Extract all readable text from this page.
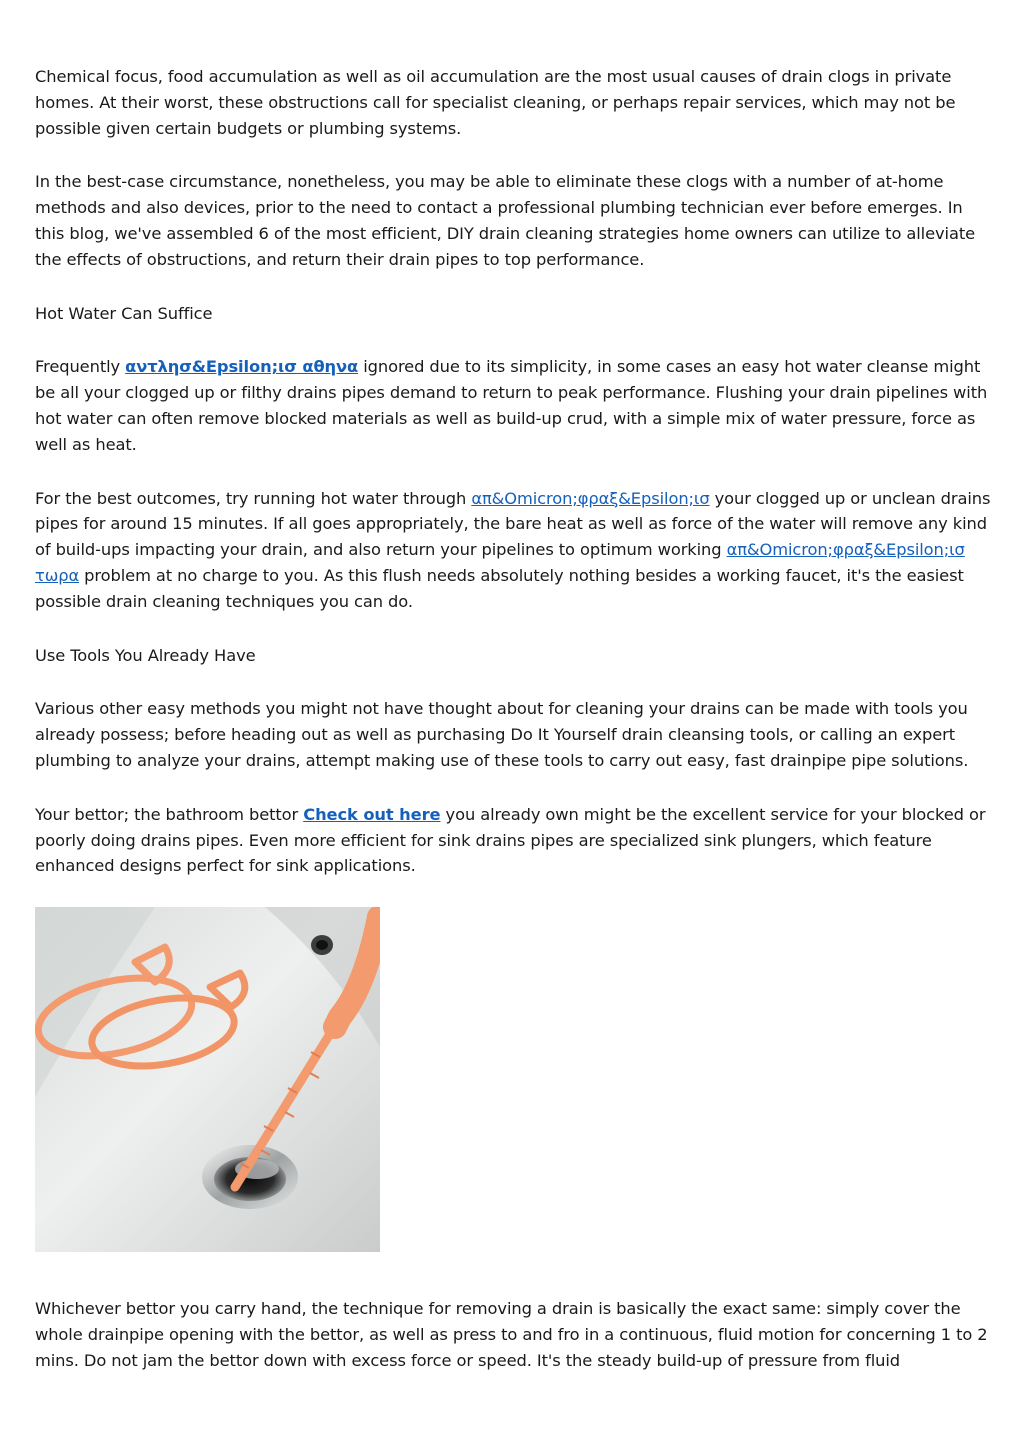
Chemical focus, food accumulation as well as oil accumulation are the most usual causes of drain clogs in private homes. At their worst, these obstructions call for specialist cleaning, or perhaps repair services, which may not be possible given certain budgets or plumbing systems.

In the best-case circumstance, nonetheless, you may be able to eliminate these clogs with a number of at-home methods and also devices, prior to the need to contact a professional plumbing technician ever before emerges. In this blog, we've assembled 6 of the most efficient, DIY drain cleaning strategies home owners can utilize to alleviate the effects of obstructions, and return their drain pipes to top performance.

Hot Water Can Suffice

Frequently αντλησ&Epsilon;ισ αθηνα ignored due to its simplicity, in some cases an easy hot water cleanse might be all your clogged up or filthy drains pipes demand to return to peak performance. Flushing your drain pipelines with hot water can often remove blocked materials as well as build-up crud, with a simple mix of water pressure, force as well as heat.

For the best outcomes, try running hot water through απ&Omicron;φραξ&Epsilon;ισ your clogged up or unclean drains pipes for around 15 minutes. If all goes appropriately, the bare heat as well as force of the water will remove any kind of build-ups impacting your drain, and also return your pipelines to optimum working απ&Omicron;φραξ&Epsilon;ισ τωρα problem at no charge to you. As this flush needs absolutely nothing besides a working faucet, it's the easiest possible drain cleaning techniques you can do.

Use Tools You Already Have

Various other easy methods you might not have thought about for cleaning your drains can be made with tools you already possess; before heading out as well as purchasing Do It Yourself drain cleansing tools, or calling an expert plumbing to analyze your drains, attempt making use of these tools to carry out easy, fast drainpipe pipe solutions.

Your bettor; the bathroom bettor Check out here you already own might be the excellent service for your blocked or poorly doing drains pipes. Even more efficient for sink drains pipes are specialized sink plungers, which feature enhanced designs perfect for sink applications.

Whichever bettor you carry hand, the technique for removing a drain is basically the exact same: simply cover the whole drainpipe opening with the bettor, as well as press to and fro in a continuous, fluid motion for concerning 1 to 2 mins. Do not jam the bettor down with excess force or speed. It's the steady build-up of pressure from fluid
